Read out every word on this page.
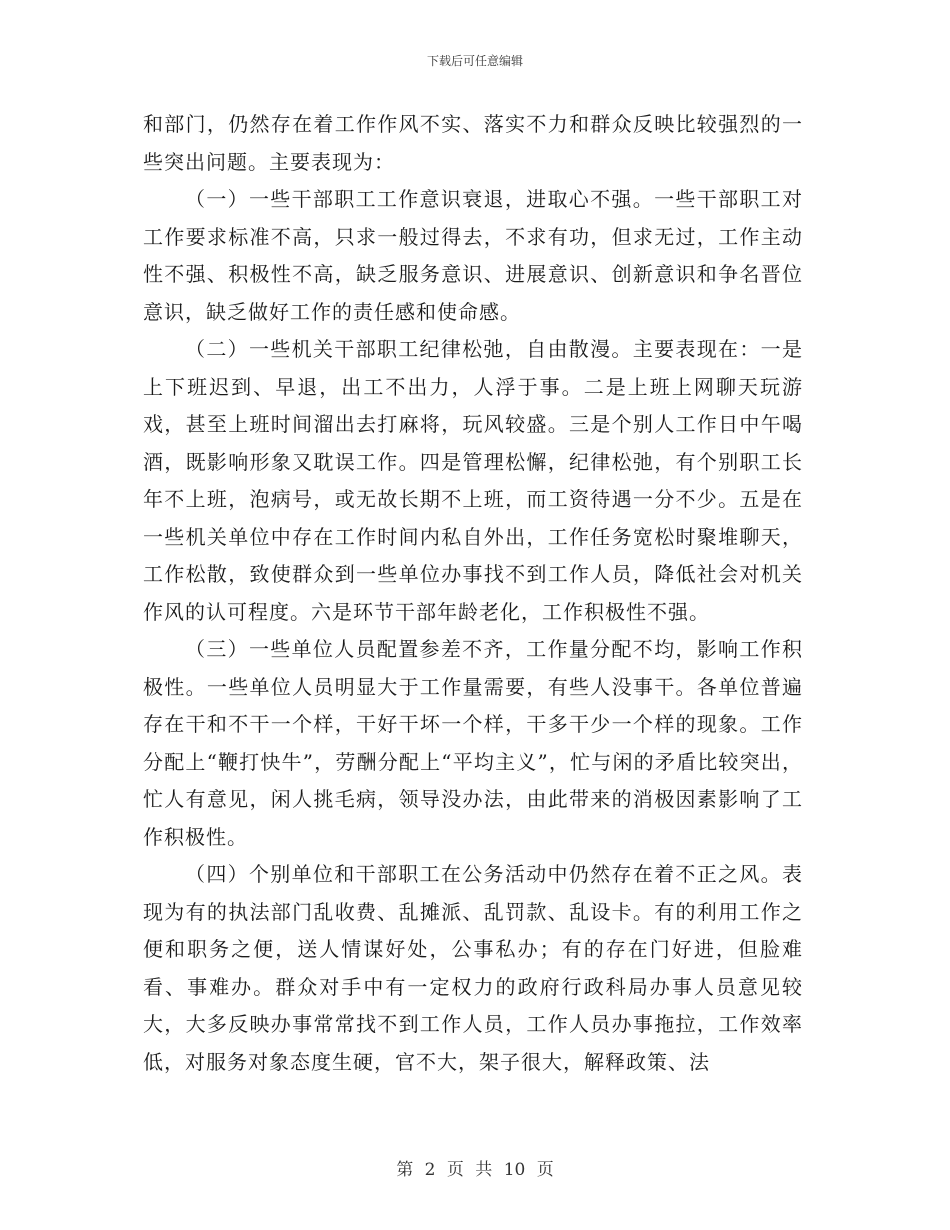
下载后可任意编辑

和部门，仍然存在着工作作风不实、落实不力和群众反映比较强烈的一些突出问题。主要表现为：

（一）一些干部职工工作意识衰退，进取心不强。一些干部职工对工作要求标准不高，只求一般过得去，不求有功，但求无过，工作主动性不强、积极性不高，缺乏服务意识、进展意识、创新意识和争名晋位意识，缺乏做好工作的责任感和使命感。

（二）一些机关干部职工纪律松弛，自由散漫。主要表现在：一是上下班迟到、早退，出工不出力，人浮于事。二是上班上网聊天玩游戏，甚至上班时间溜出去打麻将，玩风较盛。三是个别人工作日中午喝酒，既影响形象又耽误工作。四是管理松懈，纪律松弛，有个别职工长年不上班，泡病号，或无故长期不上班，而工资待遇一分不少。五是在一些机关单位中存在工作时间内私自外出，工作任务宽松时聚堆聊天，工作松散，致使群众到一些单位办事找不到工作人员，降低社会对机关作风的认可程度。六是环节干部年龄老化，工作积极性不强。

（三）一些单位人员配置参差不齐，工作量分配不均，影响工作积极性。一些单位人员明显大于工作量需要，有些人没事干。各单位普遍存在干和不干一个样，干好干坏一个样，干多干少一个样的现象。工作分配上“鞭打快牛”，劳酬分配上“平均主义”，忙与闲的矛盾比较突出，忙人有意见，闲人挑毛病，领导没办法，由此带来的消极因素影响了工作积极性。

（四）个别单位和干部职工在公务活动中仍然存在着不正之风。表现为有的执法部门乱收费、乱摊派、乱罚款、乱设卡。有的利用工作之便和职务之便，送人情谋好处，公事私办；有的存在门好进，但脸难看、事难办。群众对手中有一定权力的政府行政科局办事人员意见较大，大多反映办事常常找不到工作人员，工作人员办事拖拉，工作效率低，对服务对象态度生硬，官不大，架子很大，解释政策、法

第 2 页 共 10 页
